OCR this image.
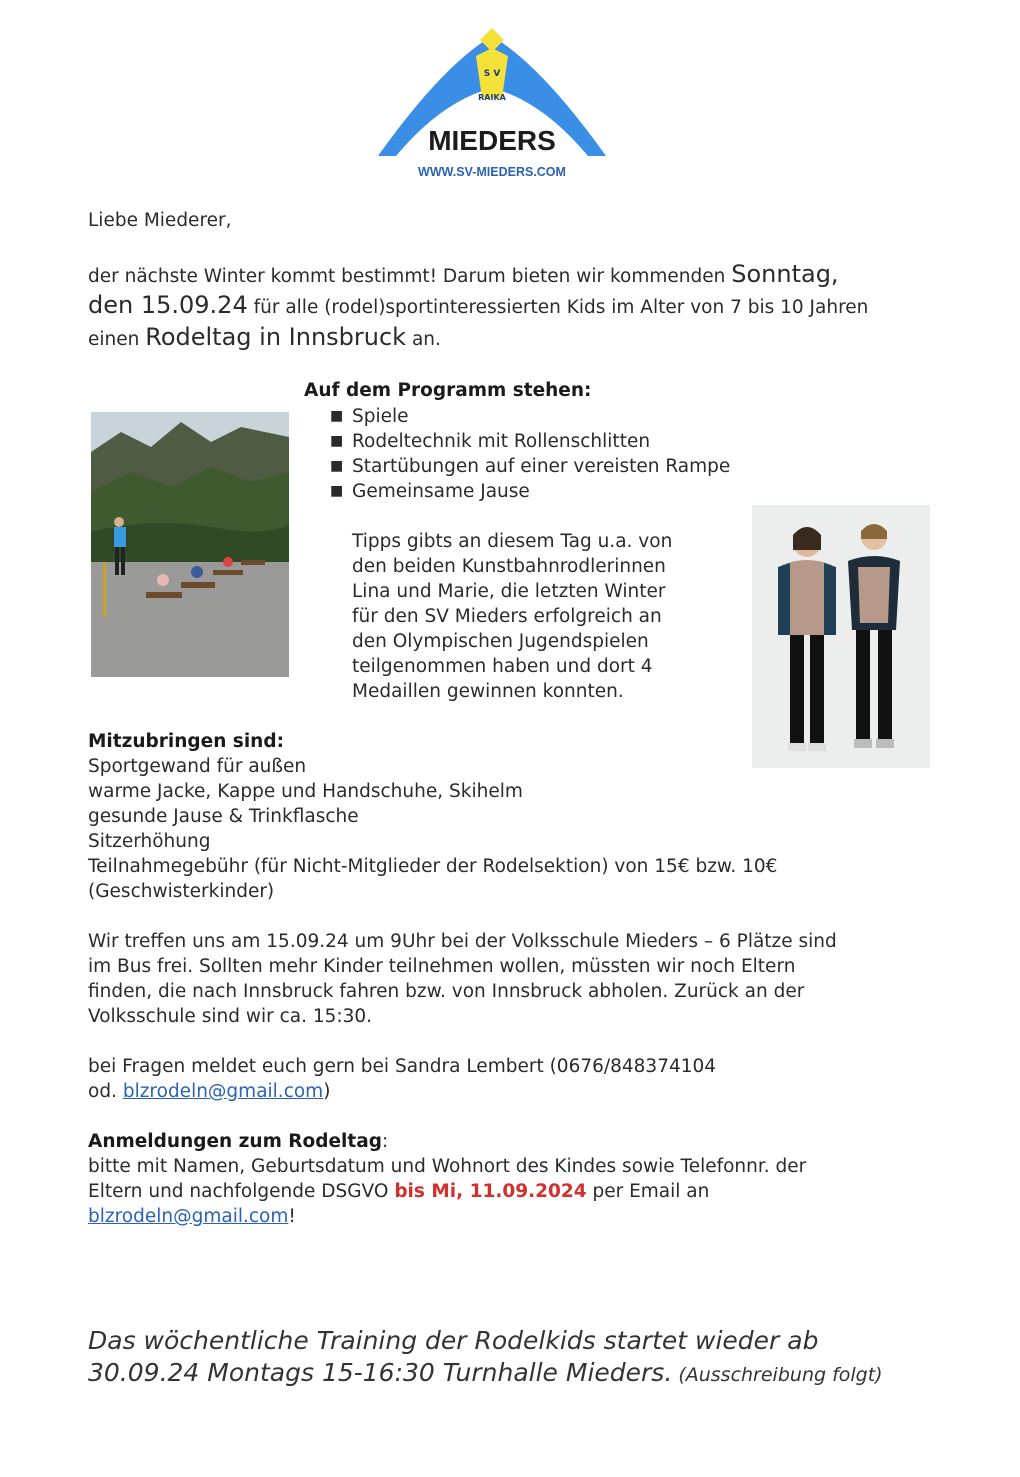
S V
RAIKA
MIEDERS
WWW.SV-MIEDERS.COM
Liebe Miederer,
der nächste Winter kommt bestimmt! Darum bieten wir kommenden Sonntag,
den 15.09.24 für alle (rodel)sportinteressierten Kids im Alter von 7 bis 10 Jahren
einen Rodeltag in Innsbruck an.
Auf dem Programm stehen:
■ Spiele
■ Rodeltechnik mit Rollenschlitten
■ Startübungen auf einer vereisten Rampe
■ Gemeinsame Jause
Tipps gibts an diesem Tag u.a. von
den beiden Kunstbahnrodlerinnen
Lina und Marie, die letzten Winter
für den SV Mieders erfolgreich an
den Olympischen Jugendspielen
teilgenommen haben und dort 4
Medaillen gewinnen konnten.
Mitzubringen sind:
Sportgewand für außen
warme Jacke, Kappe und Handschuhe, Skihelm
gesunde Jause & Trinkflasche
Sitzerhöhung
Teilnahmegebühr (für Nicht-Mitglieder der Rodelsektion) von 15€ bzw. 10€
(Geschwisterkinder)
Wir treffen uns am 15.09.24 um 9Uhr bei der Volksschule Mieders – 6 Plätze sind
im Bus frei. Sollten mehr Kinder teilnehmen wollen, müssten wir noch Eltern
finden, die nach Innsbruck fahren bzw. von Innsbruck abholen. Zurück an der
Volksschule sind wir ca. 15:30.
bei Fragen meldet euch gern bei Sandra Lembert (0676/848374104
od. blzrodeln@gmail.com)
Anmeldungen zum Rodeltag:
bitte mit Namen, Geburtsdatum und Wohnort des Kindes sowie Telefonnr. der
Eltern und nachfolgende DSGVO bis Mi, 11.09.2024 per Email an
blzrodeln@gmail.com!
Das wöchentliche Training der Rodelkids startet wieder ab
30.09.24 Montags 15-16:30 Turnhalle Mieders. (Ausschreibung folgt)
